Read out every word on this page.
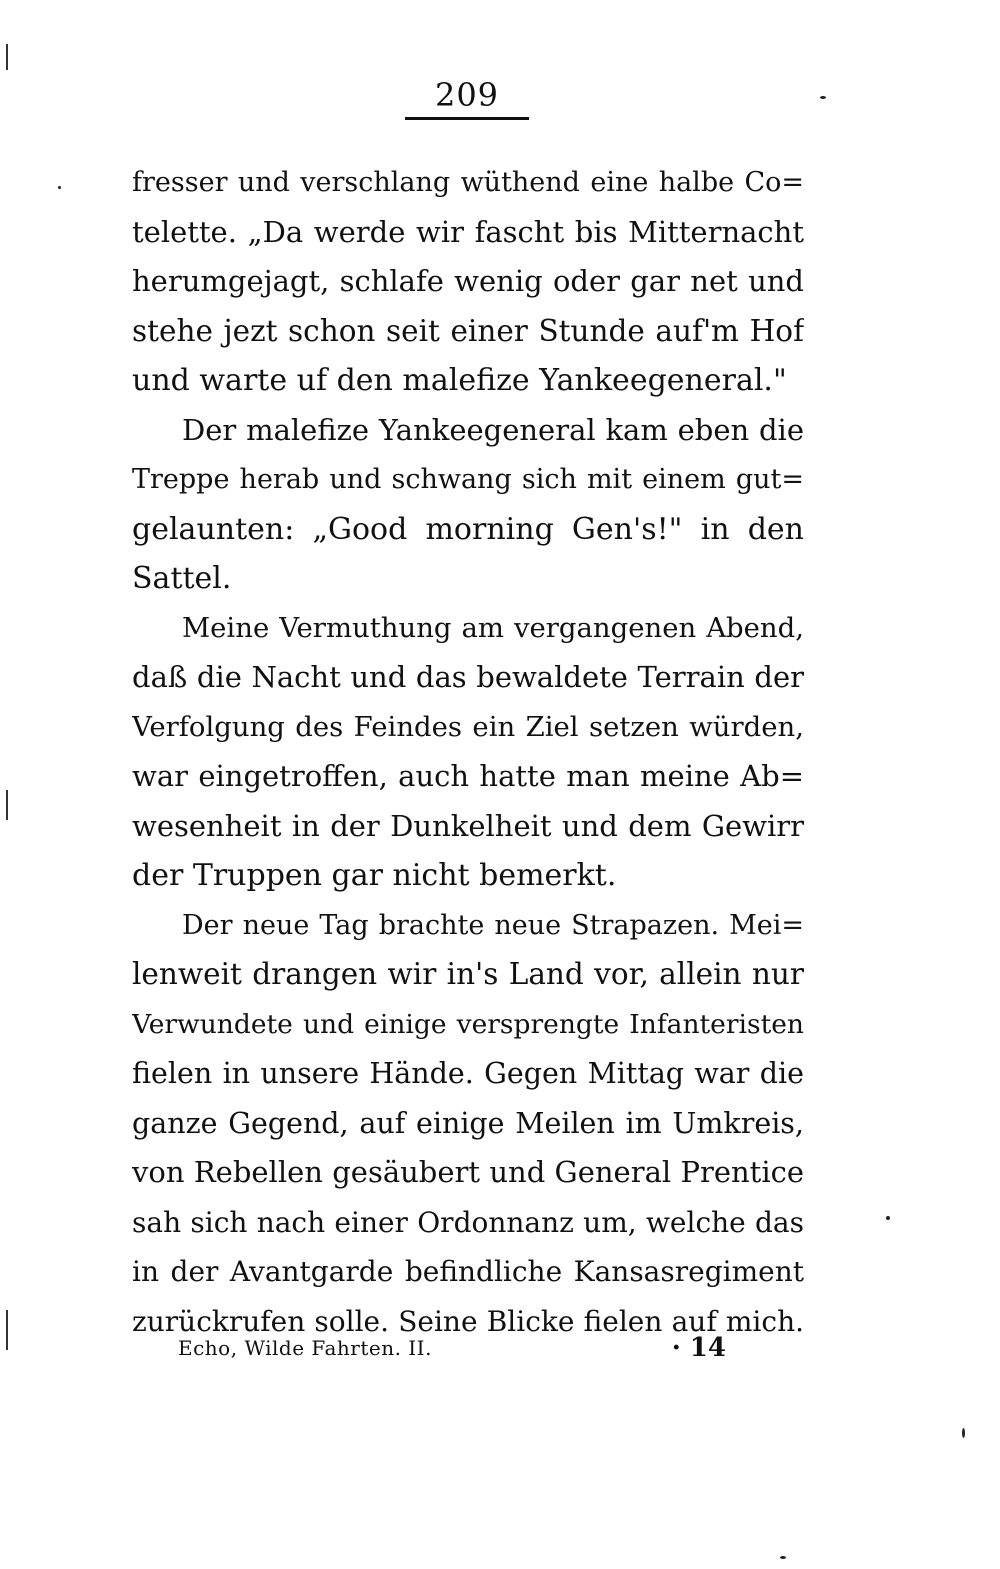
209
fresser und verschlang wüthend eine halbe Co=
telette. „Da werde wir fascht bis Mitternacht
herumgejagt, schlafe wenig oder gar net und
stehe jezt schon seit einer Stunde auf'm Hof
und warte uf den malefize Yankeegeneral."
Der malefize Yankeegeneral kam eben die
Treppe herab und schwang sich mit einem gut=
gelaunten: „Good morning Gen's!" in den
Sattel.
Meine Vermuthung am vergangenen Abend,
daß die Nacht und das bewaldete Terrain der
Verfolgung des Feindes ein Ziel setzen würden,
war eingetroffen, auch hatte man meine Ab=
wesenheit in der Dunkelheit und dem Gewirr
der Truppen gar nicht bemerkt.
Der neue Tag brachte neue Strapazen. Mei=
lenweit drangen wir in's Land vor, allein nur
Verwundete und einige versprengte Infanteristen
fielen in unsere Hände. Gegen Mittag war die
ganze Gegend, auf einige Meilen im Umkreis,
von Rebellen gesäubert und General Prentice
sah sich nach einer Ordonnanz um, welche das
in der Avantgarde befindliche Kansasregiment
zurückrufen solle. Seine Blicke fielen auf mich.
Echo, Wilde Fahrten. II.	· 14
